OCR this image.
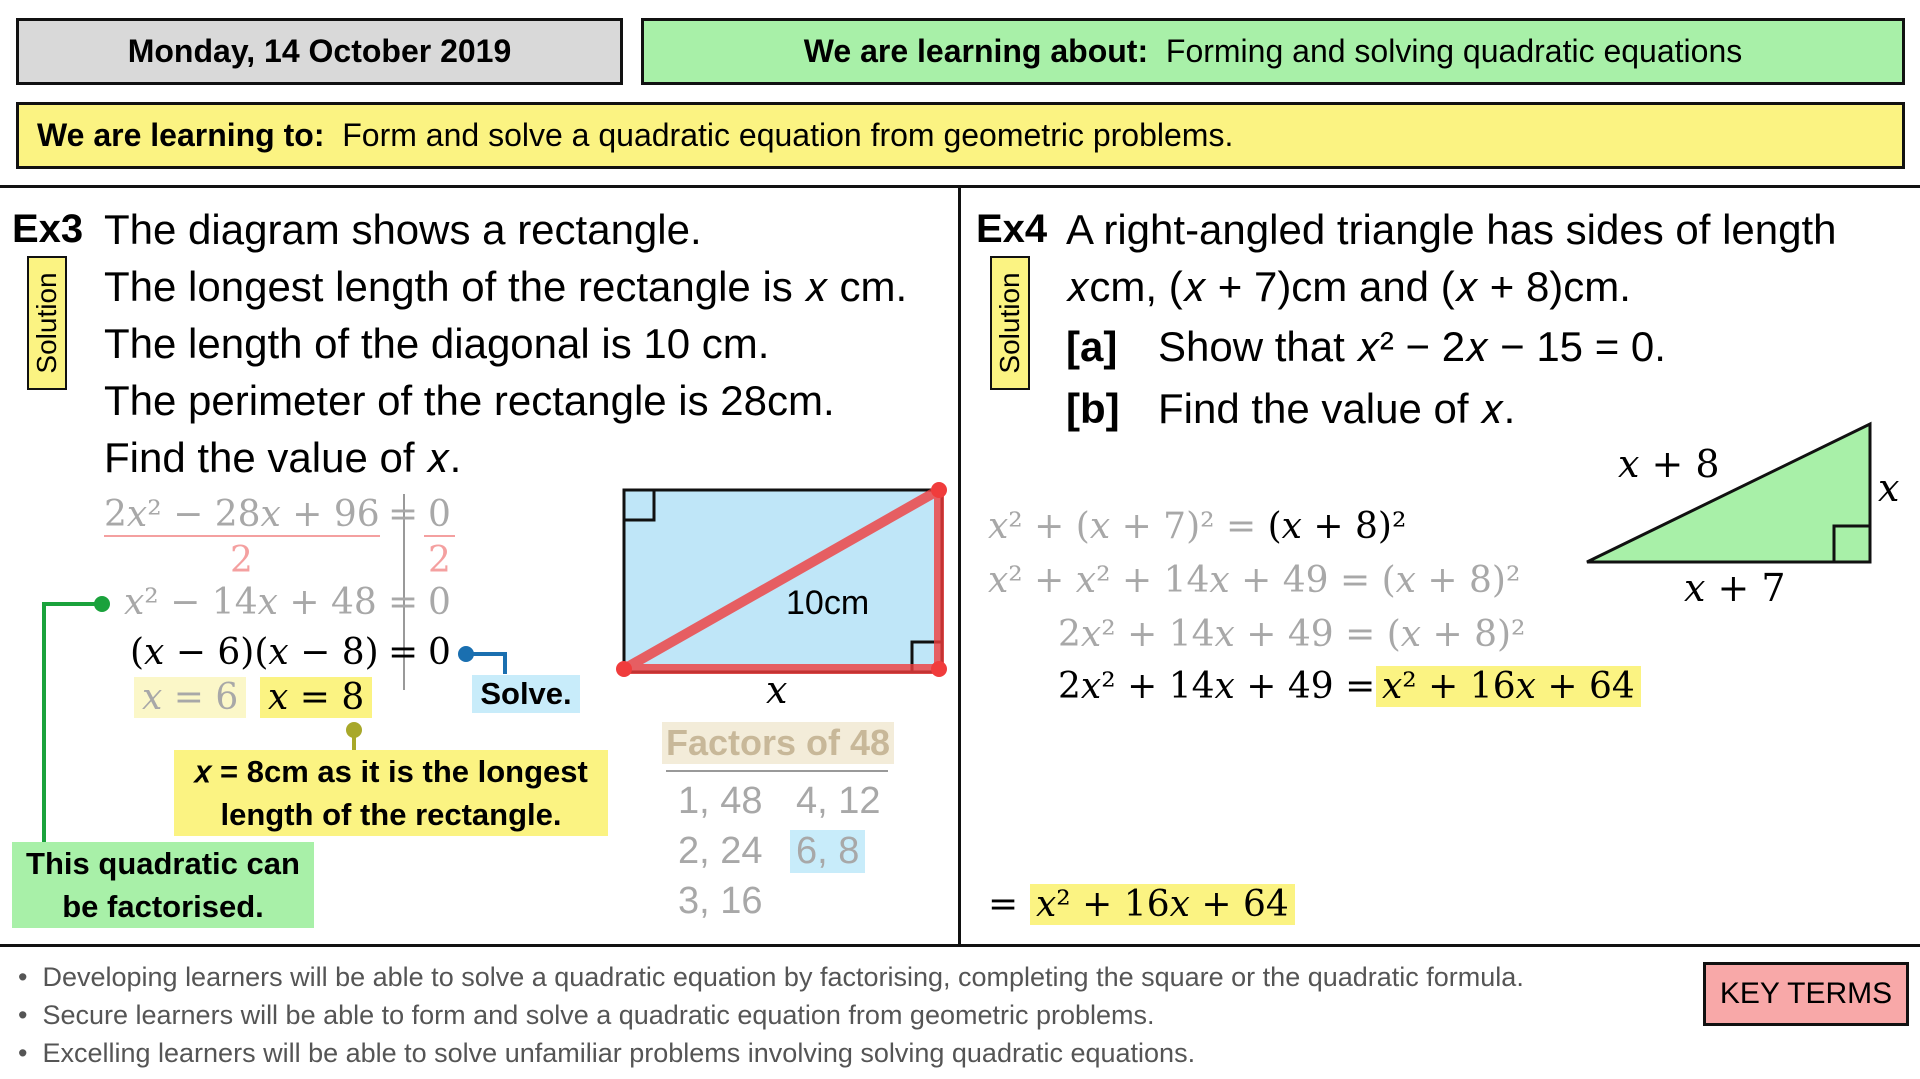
Monday, 14 October 2019	We are learning about:
Forming and solving quadratic equations
We are learning to:
Form and solve a quadratic equation from geometric problems.
Ex3
Solution
The diagram shows a rectangle.
The longest length of the rectangle is 𝑥 cm.
The length of the diagonal is 10 cm.
The perimeter of the rectangle is 28cm.
Find the value of 𝑥.
2𝑥² − 28𝑥 + 96 = 0
2	2
𝑥² − 14𝑥 + 48 = 0
(𝑥 − 6)(𝑥 − 8) = 0
𝑥 = 6 𝑥 = 8	Solve.
𝑥 = 8cm as it is the longest
length of the rectangle.
This quadratic can
be factorised.
10cm
𝑥
Factors of 48
1, 48 4, 12
2, 24 6, 8
3, 16
Ex4
Solution
A right-angled triangle has sides of length
𝑥cm, (𝑥 + 7)cm and (𝑥 + 8)cm.
[a] Show that 𝑥² − 2𝑥 − 15 = 0.
[b] Find the value of 𝑥.
𝑥 + 8
𝑥
𝑥 + 7
𝑥² + (𝑥 + 7)² = (𝑥 + 8)²
𝑥² + 𝑥² + 14𝑥 + 49 = (𝑥 + 8)²
2𝑥² + 14𝑥 + 49 = (𝑥 + 8)²
2𝑥² + 14𝑥 + 49 = 𝑥² + 16𝑥 + 64
= 𝑥² + 16𝑥 + 64
•  Developing learners will be able to solve a quadratic equation by factorising, completing the square or the quadratic formula.
•  Secure learners will be able to form and solve a quadratic equation from geometric problems.
•  Excelling learners will be able to solve unfamiliar problems involving solving quadratic equations.
KEY TERMS
